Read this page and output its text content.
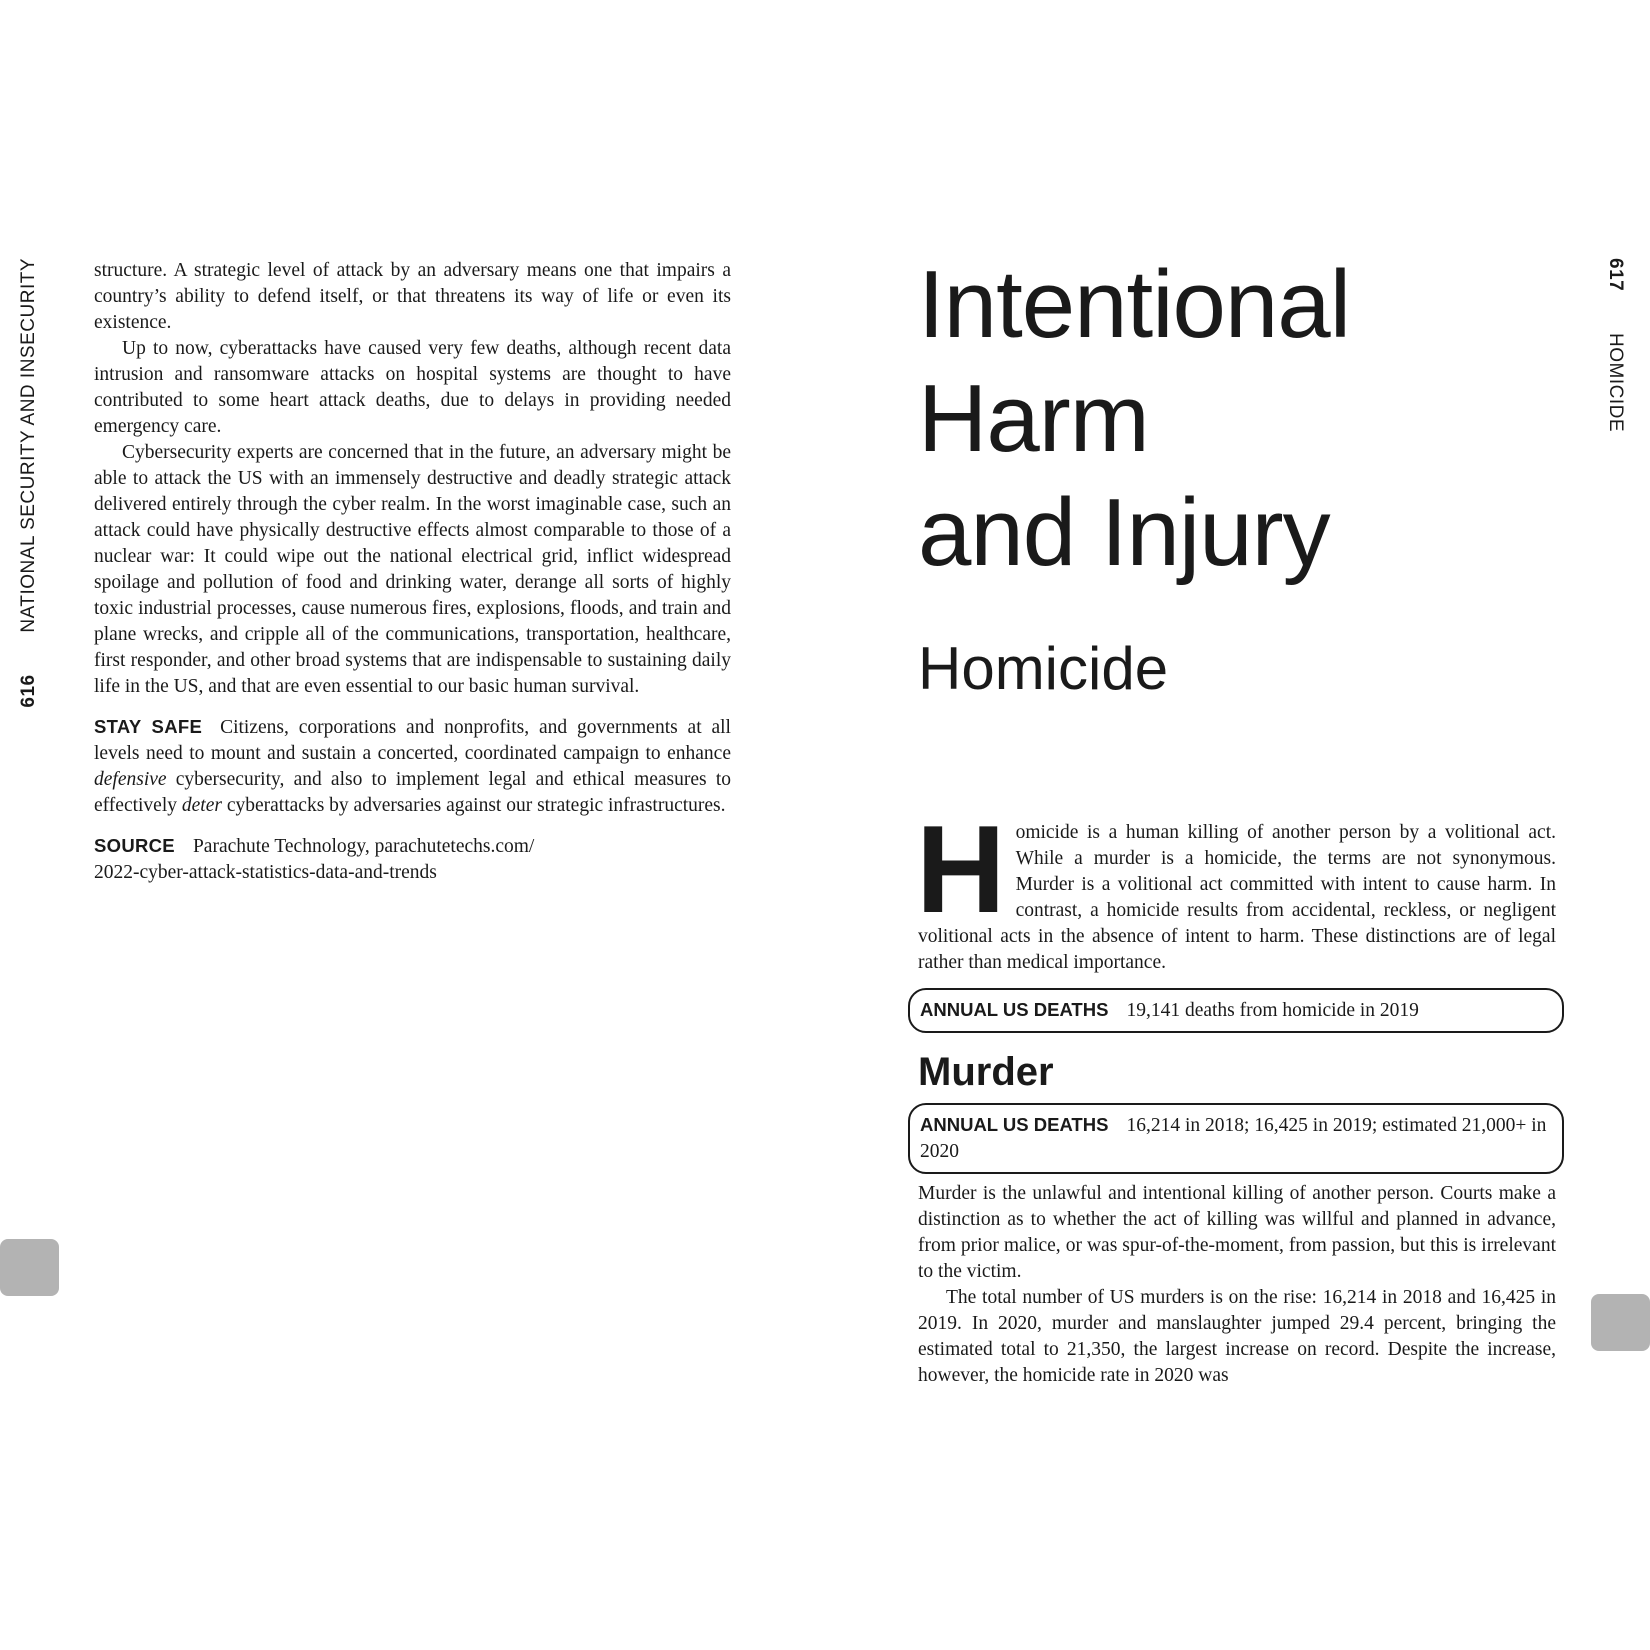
616 NATIONAL SECURITY AND INSECURITY	structure. A strategic level of attack by an adversary means one that impairs a country’s ability to defend itself, or that threatens its way of life or even its existence.

Up to now, cyberattacks have caused very few deaths, although recent data intrusion and ransomware attacks on hospital systems are thought to have contributed to some heart attack deaths, due to delays in providing needed emergency care.

Cybersecurity experts are concerned that in the future, an adversary might be able to attack the US with an immensely destructive and deadly strategic attack delivered entirely through the cyber realm. In the worst imaginable case, such an attack could have physically destructive effects almost comparable to those of a nuclear war: It could wipe out the national electrical grid, inflict widespread spoilage and pollution of food and drinking water, derange all sorts of highly toxic industrial processes, cause numerous fires, explosions, floods, and train and plane wrecks, and cripple all of the communications, transportation, healthcare, first responder, and other broad systems that are indispensable to sustaining daily life in the US, and that are even essential to our basic human survival.

STAY SAFE Citizens, corporations and nonprofits, and governments at all levels need to mount and sustain a concerted, coordinated campaign to enhance defensive cybersecurity, and also to implement legal and ethical measures to effectively deter cyberattacks by adversaries against our strategic infrastructures.

SOURCE Parachute Technology, parachutetechs.com/
2022-cyber-attack-statistics-data-and-trends

617 HOMICIDE
Intentional
Harm
and Injury
Homicide
Homicide is a human killing of another person by a volitional act. While a murder is a homicide, the terms are not synonymous. Murder is a volitional act committed with intent to cause harm. In contrast, a homicide results from accidental, reckless, or negligent volitional acts in the absence of intent to harm. These distinctions are of legal rather than medical importance.
ANNUAL US DEATHS 19,141 deaths from homicide in 2019
Murder
ANNUAL US DEATHS 16,214 in 2018; 16,425 in 2019; estimated 21,000+ in 2020

Murder is the unlawful and intentional killing of another person. Courts make a distinction as to whether the act of killing was willful and planned in advance, from prior malice, or was spur-of-the-moment, from passion, but this is irrelevant to the victim.

The total number of US murders is on the rise: 16,214 in 2018 and 16,425 in 2019. In 2020, murder and manslaughter jumped 29.4 percent, bringing the estimated total to 21,350, the largest increase on record. Despite the increase, however, the homicide rate in 2020 was
